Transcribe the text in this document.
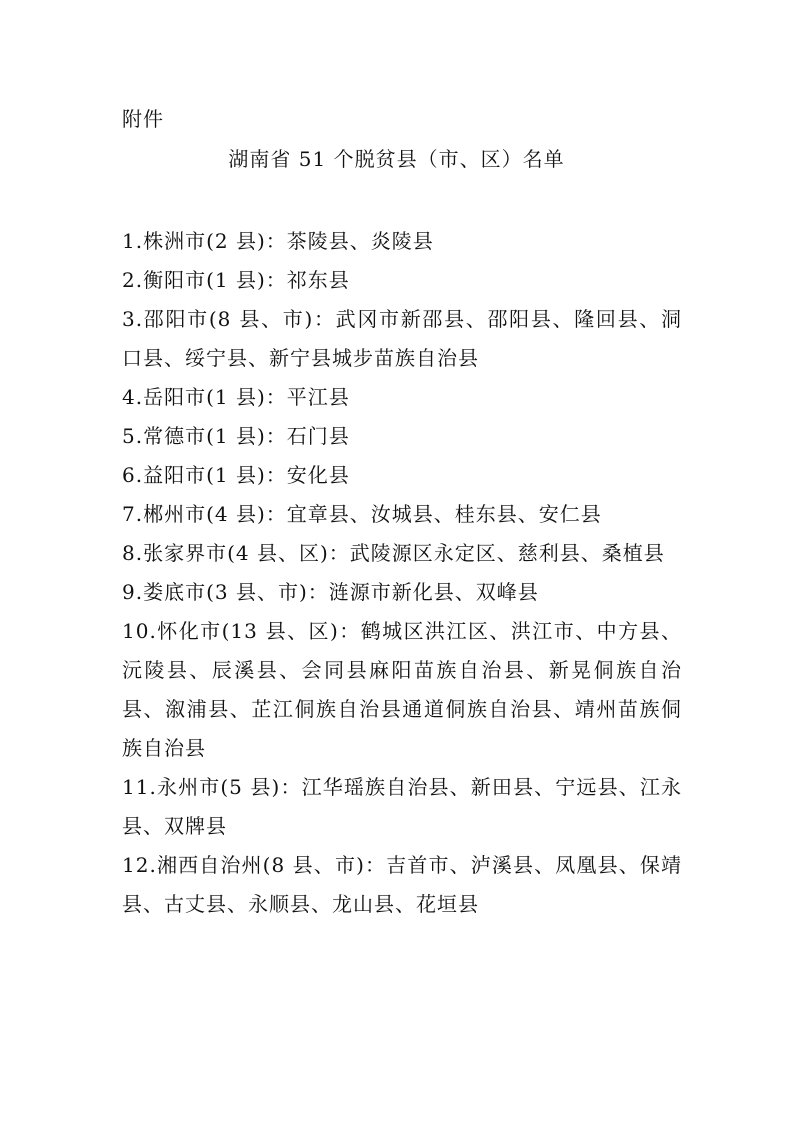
附件
湖南省 51 个脱贫县（市、区）名单
1.株洲市(2 县)：茶陵县、炎陵县
2.衡阳市(1 县)：祁东县
3.邵阳市(8 县、市)：武冈市新邵县、邵阳县、隆回县、洞口县、绥宁县、新宁县城步苗族自治县
4.岳阳市(1 县)：平江县
5.常德市(1 县)：石门县
6.益阳市(1 县)：安化县
7.郴州市(4 县)：宜章县、汝城县、桂东县、安仁县
8.张家界市(4 县、区)：武陵源区永定区、慈利县、桑植县
9.娄底市(3 县、市)：涟源市新化县、双峰县
10.怀化市(13 县、区)：鹤城区洪江区、洪江市、中方县、沅陵县、辰溪县、会同县麻阳苗族自治县、新晃侗族自治县、溆浦县、芷江侗族自治县通道侗族自治县、靖州苗族侗族自治县
11.永州市(5 县)：江华瑶族自治县、新田县、宁远县、江永县、双牌县
12.湘西自治州(8 县、市)：吉首市、泸溪县、凤凰县、保靖县、古丈县、永顺县、龙山县、花垣县
